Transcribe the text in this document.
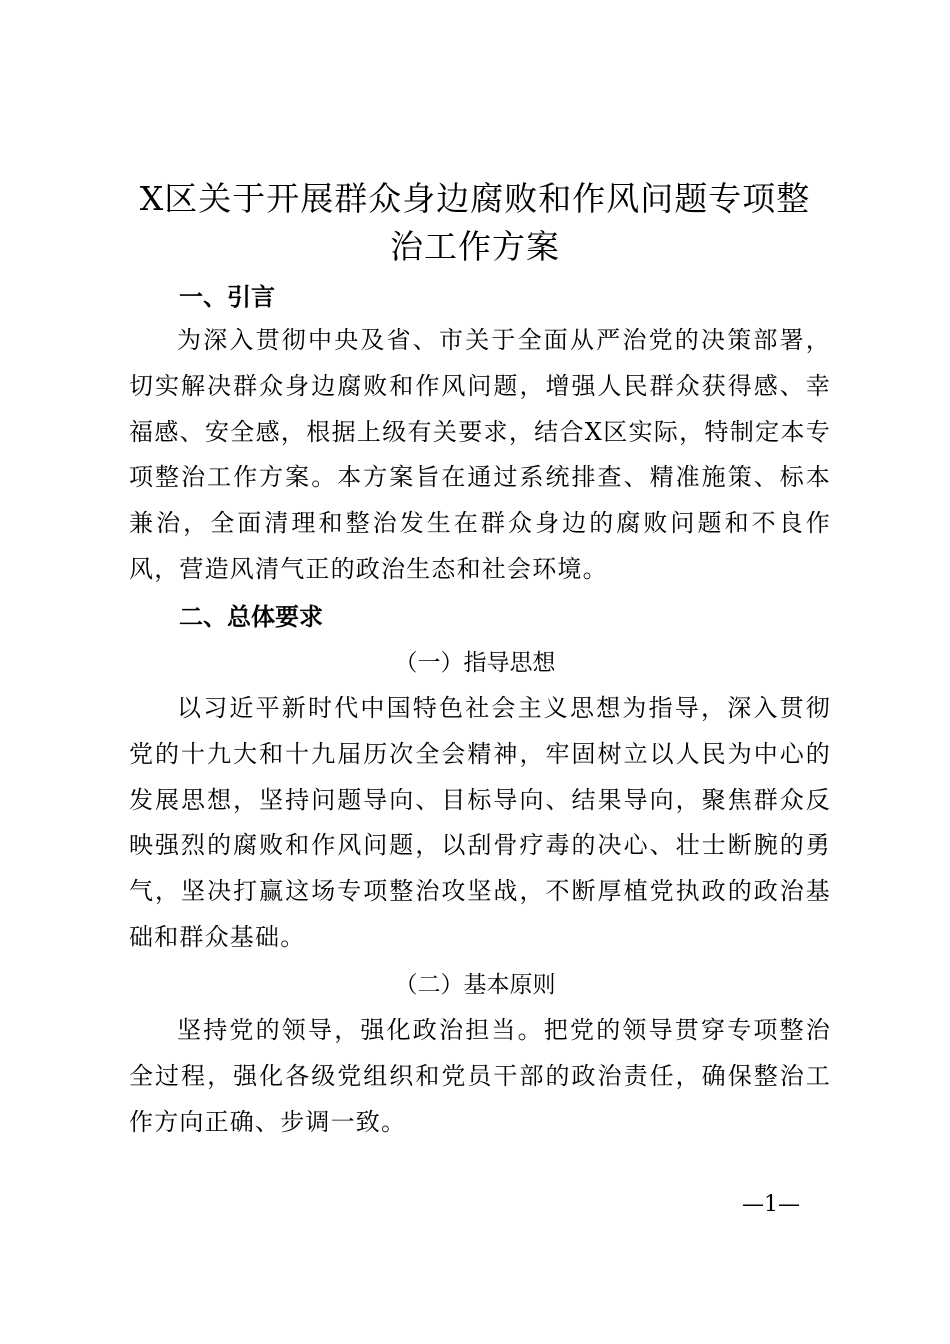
X区关于开展群众身边腐败和作风问题专项整
治工作方案
一、引言

为深入贯彻中央及省、市关于全面从严治党的决策部署，切实解决群众身边腐败和作风问题，增强人民群众获得感、幸福感、安全感，根据上级有关要求，结合X区实际，特制定本专项整治工作方案。本方案旨在通过系统排查、精准施策、标本兼治，全面清理和整治发生在群众身边的腐败问题和不良作风，营造风清气正的政治生态和社会环境。

二、总体要求
（一）指导思想

以习近平新时代中国特色社会主义思想为指导，深入贯彻党的十九大和十九届历次全会精神，牢固树立以人民为中心的发展思想，坚持问题导向、目标导向、结果导向，聚焦群众反映强烈的腐败和作风问题，以刮骨疗毒的决心、壮士断腕的勇气，坚决打赢这场专项整治攻坚战，不断厚植党执政的政治基础和群众基础。

（二）基本原则

坚持党的领导，强化政治担当。把党的领导贯穿专项整治全过程，强化各级党组织和党员干部的政治责任，确保整治工作方向正确、步调一致。

—1—
